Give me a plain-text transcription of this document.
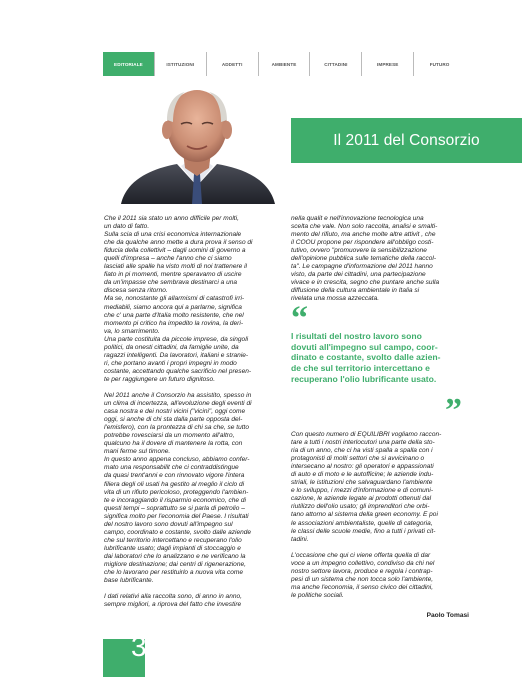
EDITORIALE	ISTITUZIONI	ADDETTI	AMBIENTE	CITTADINI	IMPRESE	FUTURO
Il 2011 del Consorzio

Che il 2011 sia stato un anno difficile per molti,
un dato di fatto.
Sulla scia di una crisi economica internazionale
che da qualche anno mette a dura prova il senso di
fiducia della collettivit – dagli uomini di governo a
quelli d'impresa – anche l'anno che ci siamo
lasciati alle spalle ha visto molti di noi trattenere il
fiato in pi momenti, mentre speravamo di uscire
da un'impasse che sembrava destinarci a una
discesa senza ritorno.
Ma se, nonostante gli allarmismi di catastrofi irri-
mediabili, siamo ancora qui a parlarne, significa
che c' una parte d'Italia molto resistente, che nel
momento pi critico ha impedito la rovina, la deri-
va, lo smarrimento.
Una parte costituita da piccole imprese, da singoli
politici, da onesti cittadini, da famiglie unite, da
ragazzi intelligenti. Da lavoratori, italiani e stranie-
ri, che portano avanti i propri impegni in modo
costante, accettando qualche sacrificio nel presen-
te per raggiungere un futuro dignitoso.

Nel 2011 anche il Consorzio ha assistito, spesso in
un clima di incertezza, all'evoluzione degli eventi di
casa nostra e dei nostri vicini ("vicini", oggi come
oggi, si anche di chi sta dalla parte opposta del-
l'emisfero), con la prontezza di chi sa che, se tutto
potrebbe rovesciarsi da un momento all'altro,
qualcuno ha il dovere di mantenere la rotta, con
mani ferme sul timone.
In questo anno appena concluso, abbiamo confer-
mato una responsabilit che ci contraddistingue
da quasi trent'anni e con rinnovato vigore l'intera
filiera degli oli usati ha gestito al meglio il ciclo di
vita di un rifiuto pericoloso, proteggendo l'ambien-
te e incoraggiando il risparmio economico, che di
questi tempi – soprattutto se si parla di petrolio –
significa molto per l'economia del Paese. I risultati
del nostro lavoro sono dovuti all'impegno sul
campo, coordinato e costante, svolto dalle aziende
che sul territorio intercettano e recuperano l'olio
lubrificante usato; dagli impianti di stoccaggio e
dai laboratori che lo analizzano e ne verificano la
migliore destinazione; dai centri di rigenerazione,
che lo lavorano per restituirlo a nuova vita come
base lubrificante.

I dati relativi alla raccolta sono, di anno in anno,
sempre migliori, a riprova del fatto che investire

nella qualit e nell'innovazione tecnologica una
scelta che vale. Non solo raccolta, analisi e smalti-
mento del rifiuto, ma anche molte altre attivit , che
il COOU propone per rispondere all'obbligo costi-
tutivo, ovvero "promuovere la sensibilizzazione
dell'opinione pubblica sulle tematiche della raccol-
ta". Le campagne d'informazione del 2011 hanno
visto, da parte dei cittadini, una partecipazione
vivace e in crescita, segno che puntare anche sulla
diffusione della cultura ambientale in Italia si
rivelata una mossa azzeccata.

“
I risultati del nostro lavoro sono
dovuti all'impegno sul campo, coor-
dinato e costante, svolto dalle azien-
de che sul territorio intercettano e
recuperano l'olio lubrificante usato.
”

Con questo numero di EQUILIBRI vogliamo raccon-
tare a tutti i nostri interlocutori una parte della sto-
ria di un anno, che ci ha visti spalla a spalla con i
protagonisti di molti settori che si avvicinano o
intersecano al nostro: gli operatori e appassionati
di auto e di moto e le autofficine; le aziende indu-
striali, le istituzioni che salvaguardano l'ambiente
e lo sviluppo, i mezzi d'informazione e di comuni-
cazione, le aziende legate ai prodotti ottenuti dal
riutilizzo dell'olio usato; gli imprenditori che orbi-
tano attorno al sistema della green economy. E poi
le associazioni ambientaliste, quelle di categoria,
le classi delle scuole medie, fino a tutti i privati cit-
tadini.

L'occasione che qui ci viene offerta quella di dar
voce a un impegno collettivo, condiviso da chi nel
nostro settore lavora, produce e regola i contrap-
pesi di un sistema che non tocca solo l'ambiente,
ma anche l'economia, il senso civico dei cittadini,
le politiche sociali.

Paolo Tomasi
3
